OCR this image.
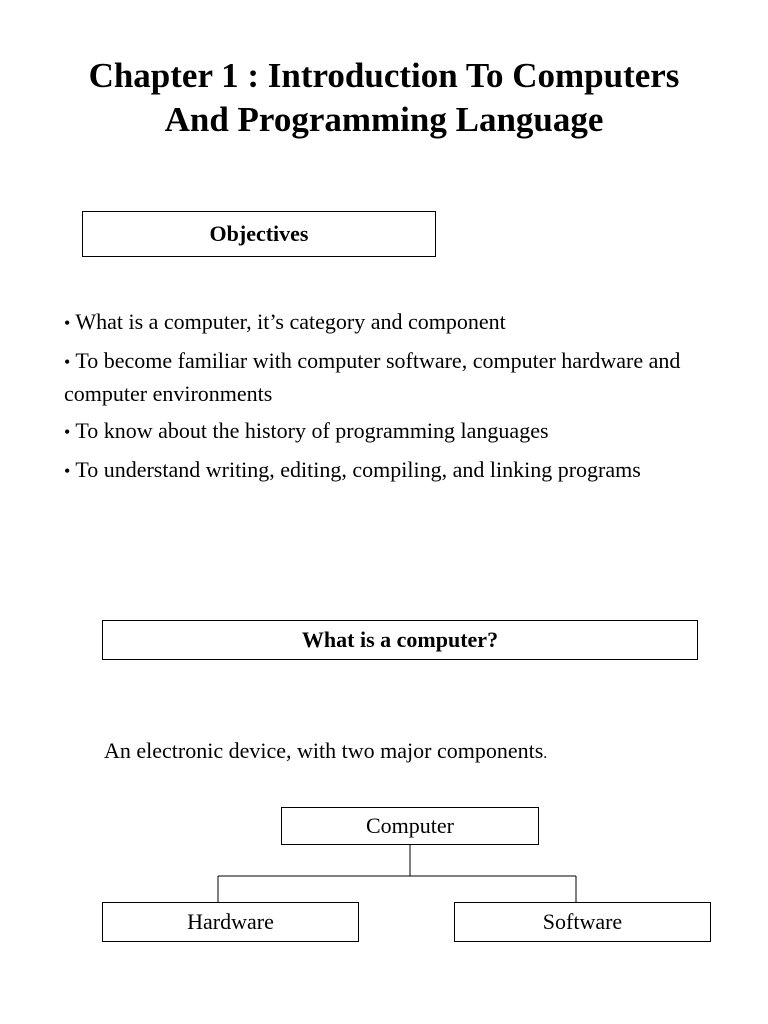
Chapter 1 : Introduction To Computers
And Programming Language
Objectives
• What is a computer, it’s category and component
• To become familiar with computer software, computer hardware and computer environments
• To know about the history of programming languages
• To understand writing, editing, compiling, and linking programs
What is a computer?
An electronic device, with two major components.
Computer
Hardware	Software
